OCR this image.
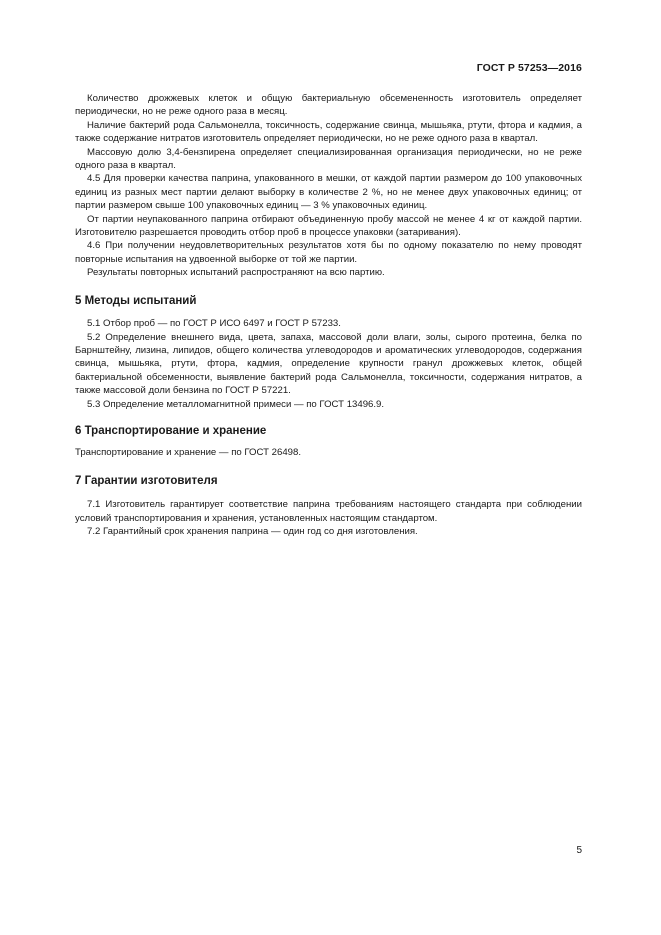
ГОСТ Р 57253—2016

Количество дрожжевых клеток и общую бактериальную обсемененность изготовитель определяет периодически, но не реже одного раза в месяц.

Наличие бактерий рода Сальмонелла, токсичность, содержание свинца, мышьяка, ртути, фтора и кадмия, а также содержание нитратов изготовитель определяет периодически, но не реже одного раза в квартал.

Массовую долю 3,4-бензпирена определяет специализированная организация периодически, но не реже одного раза в квартал.

4.5 Для проверки качества паприна, упакованного в мешки, от каждой партии размером до 100 упаковочных единиц из разных мест партии делают выборку в количестве 2 %, но не менее двух упаковочных единиц; от партии размером свыше 100 упаковочных единиц — 3 % упаковочных единиц.

От партии неупакованного паприна отбирают объединенную пробу массой не менее 4 кг от каждой партии. Изготовителю разрешается проводить отбор проб в процессе упаковки (затаривания).

4.6 При получении неудовлетворительных результатов хотя бы по одному показателю по нему проводят повторные испытания на удвоенной выборке от той же партии.

Результаты повторных испытаний распространяют на всю партию.

5 Методы испытаний

5.1 Отбор проб — по ГОСТ Р ИСО 6497 и ГОСТ Р 57233.

5.2 Определение внешнего вида, цвета, запаха, массовой доли влаги, золы, сырого протеина, белка по Барнштейну, лизина, липидов, общего количества углеводородов и ароматических углеводородов, содержания свинца, мышьяка, ртути, фтора, кадмия, определение крупности гранул дрожжевых клеток, общей бактериальной обсеменности, выявление бактерий рода Сальмонелла, токсичности, содержания нитратов, а также массовой доли бензина по ГОСТ Р 57221.

5.3 Определение металломагнитной примеси — по ГОСТ 13496.9.

6 Транспортирование и хранение

Транспортирование и хранение — по ГОСТ 26498.

7 Гарантии изготовителя

7.1 Изготовитель гарантирует соответствие паприна требованиям настоящего стандарта при соблюдении условий транспортирования и хранения, установленных настоящим стандартом.

7.2 Гарантийный срок хранения паприна — один год со дня изготовления.

5
